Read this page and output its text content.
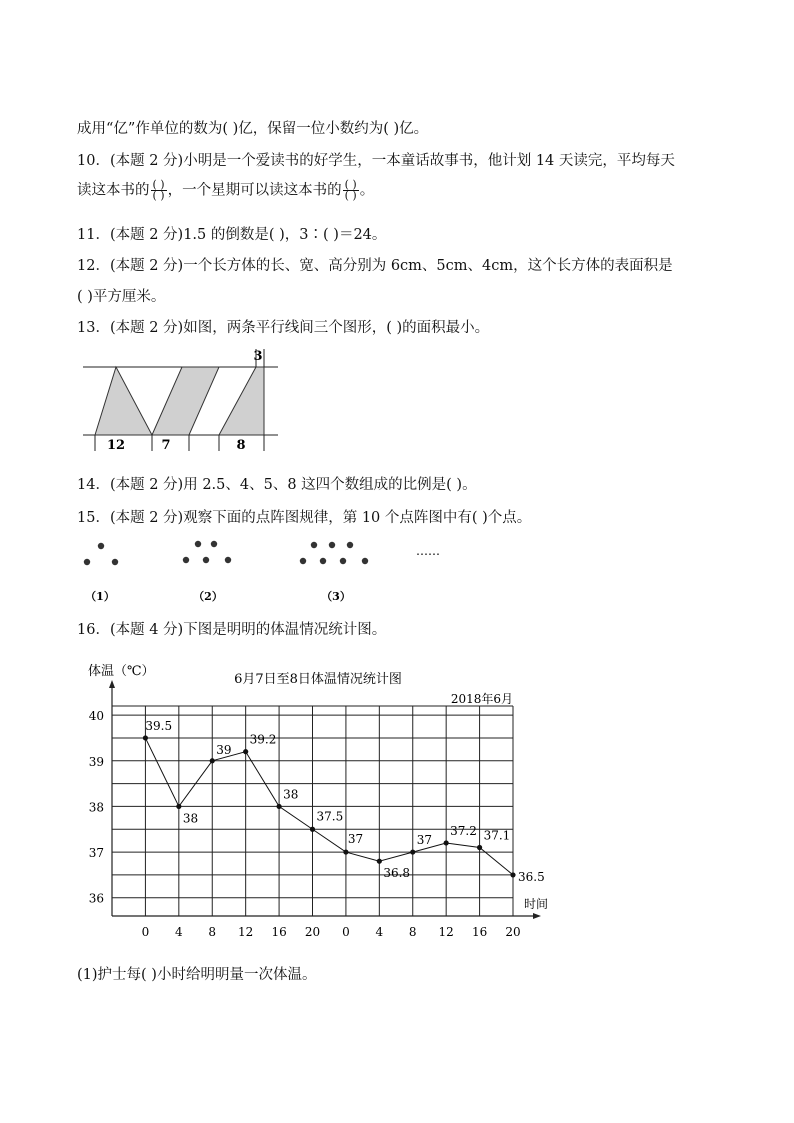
成用“亿”作单位的数为( )亿，保留一位小数约为( )亿。
10．(本题 2 分)小明是一个爱读书的好学生，一本童话故事书，他计划 14 天读完，平均每天
读这本书的 $\frac{( )}{( )}$ ，一个星期可以读这本书的 $\frac{( )}{( )}$ 。
11．(本题 2 分)1.5 的倒数是( )，3∶( )＝24。
12．(本题 2 分)一个长方体的长、宽、高分别为 6cm、5cm、4cm，这个长方体的表面积是
( )平方厘米。
13．(本题 2 分)如图，两条平行线间三个图形，( )的面积最小。
12	7	8
3
14．(本题 2 分)用 2.5、4、5、8 这四个数组成的比例是( )。
15．(本题 2 分)观察下面的点阵图规律，第 10 个点阵图中有( )个点。
……
（1）	（2）	（3）
16．(本题 4 分)下图是明明的体温情况统计图。
体温（℃）
6月7日至8日体温情况统计图
2018年6月
时间
36
37
38
39
40
0 4 8 12 16 20 0 4 8 12 16 20
39.5
38
39
39.2
38
37.5
37
36.8
37
37.2 37.1
36.5
(1)护士每( )小时给明明量一次体温。
